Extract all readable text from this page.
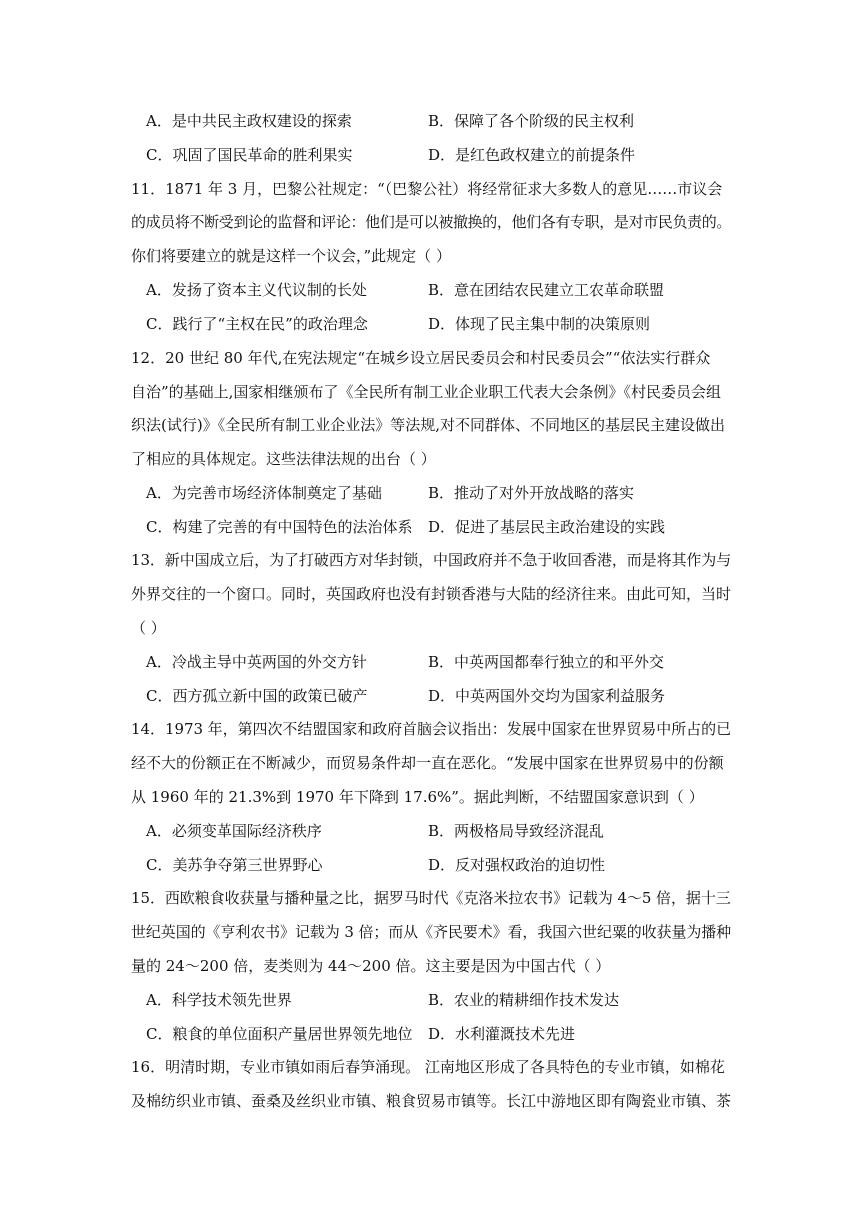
A．是中共民主政权建设的探索	B．保障了各个阶级的民主权利
C．巩固了国民革命的胜利果实	D．是红色政权建立的前提条件
11．1871 年 3 月，巴黎公社规定：“（巴黎公社）将经常征求大多数人的意见……市议会
的成员将不断受到论的监督和评论：他们是可以被撤换的，他们各有专职，是对市民负责的。
你们将要建立的就是这样一个议会，”此规定（ ）
A．发扬了资本主义代议制的长处	B．意在团结农民建立工农革命联盟
C．践行了“主权在民”的政治理念	D．体现了民主集中制的决策原则
12．20 世纪 80 年代,在宪法规定“在城乡设立居民委员会和村民委员会”“依法实行群众
自治”的基础上,国家相继颁布了《全民所有制工业企业职工代表大会条例》《村民委员会组
织法(试行)》《全民所有制工业企业法》等法规,对不同群体、不同地区的基层民主建设做出
了相应的具体规定。这些法律法规的出台（ ）
A．为完善市场经济体制奠定了基础	B．推动了对外开放战略的落实
C．构建了完善的有中国特色的法治体系 D．促进了基层民主政治建设的实践
13．新中国成立后，为了打破西方对华封锁，中国政府并不急于收回香港，而是将其作为与
外界交往的一个窗口。同时，英国政府也没有封锁香港与大陆的经济往来。由此可知，当时
（ ）
A．冷战主导中英两国的外交方针	B．中英两国都奉行独立的和平外交
C．西方孤立新中国的政策已破产	D．中英两国外交均为国家利益服务
14．1973 年，第四次不结盟国家和政府首脑会议指出：发展中国家在世界贸易中所占的已
经不大的份额正在不断减少，而贸易条件却一直在恶化。“发展中国家在世界贸易中的份额
从 1960 年的 21.3%到 1970 年下降到 17.6%”。据此判断，不结盟国家意识到（ ）
A．必须变革国际经济秩序	B．两极格局导致经济混乱
C．美苏争夺第三世界野心	D．反对强权政治的迫切性
15．西欧粮食收获量与播种量之比，据罗马时代《克洛米拉农书》记载为 4～5 倍，据十三
世纪英国的《亨利农书》记载为 3 倍；而从《齐民要术》看，我国六世纪粟的收获量为播种
量的 24～200 倍，麦类则为 44～200 倍。这主要是因为中国古代（ ）
A．科学技术领先世界	B．农业的精耕细作技术发达
C．粮食的单位面积产量居世界领先地位 D．水利灌溉技术先进
16．明清时期，专业市镇如雨后春笋涌现。 江南地区形成了各具特色的专业市镇，如棉花
及棉纺织业市镇、蚕桑及丝织业市镇、粮食贸易市镇等。长江中游地区即有陶瓷业市镇、茶
